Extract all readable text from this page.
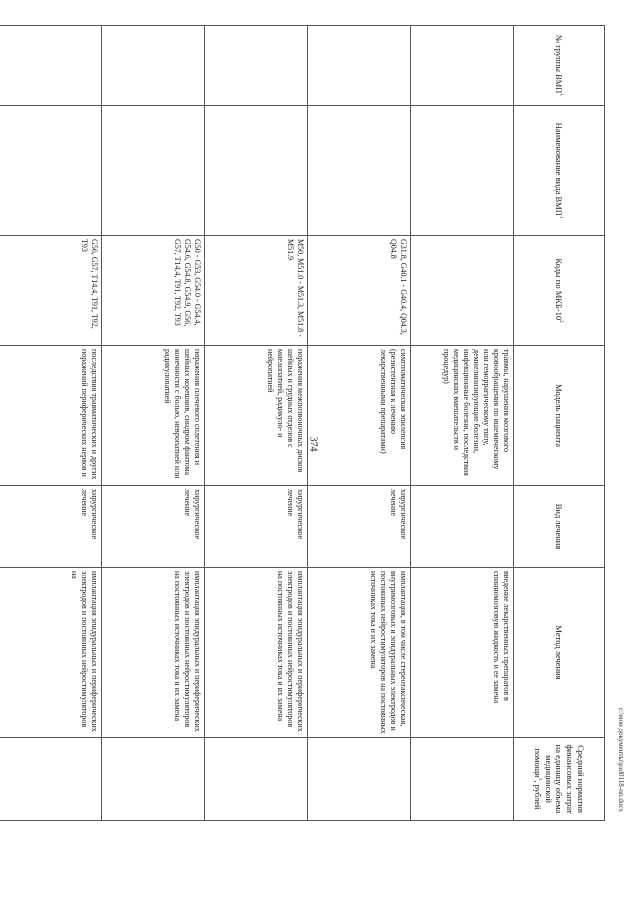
374
№ группы ВМП$^1$	Наименование вида ВМП$^1$	Коды по МКБ-$10^2$	Модель пациента	Вид лечения	Метод лечения	Средний норматив финансовых затрат на единицу объема медицинской помощи$^3$, рублей
			травмы, нарушения мозгового кровообращения по ишемическому или геморрагическому типу, демиелинизирующие болезни, инфекционные болезни, последствия медицинских вмешательств и процедур)		введение лекарственных препаратов в спинномозговую жидкость и ее замена	
		G31.8, G40.1 - G40.4, Q04.3, Q04.8	симптоматическая эпилепсия (резистентная к лечению лекарственными препаратами)	хирургическое лечение	имплантация, в том числе стереотаксическая, внутримозговых и эпидуральных электродов и постоянных нейростимуляторов на постоянных источниках тока и их замена	
		M50, M51.0 - M51.3, M51.8 - M51.9	поражения межпозвоночных дисков шейных и грудных отделов с миелопатией, радикуло- и нейропатией	хирургическое лечение	имплантация эпидуральных и периферических электродов и постоянных нейростимуляторов на постоянных источниках тока и их замена	
		G50 - G53, G54.0 - G54.4, G54.6, G54.8, G54.9, G56, G57, T14.4, T91, T92, T93	поражения плечевого сплетения и шейных корешков, синдром фантома конечности с болью, невропатией или радикулопатией	хирургическое лечение	имплантация эпидуральных и периферических электродов и постоянных нейростимуляторов на постоянных источниках тока и их замена	
		G56, G57, T14.4, T91, T92, T93	последствия травматических и других поражений периферических нервов и	хирургическое лечение	имплантация эпидуральных и периферических электродов и постоянных нейростимуляторов на	
c:\мои документы\рзd0118-пп.docx
